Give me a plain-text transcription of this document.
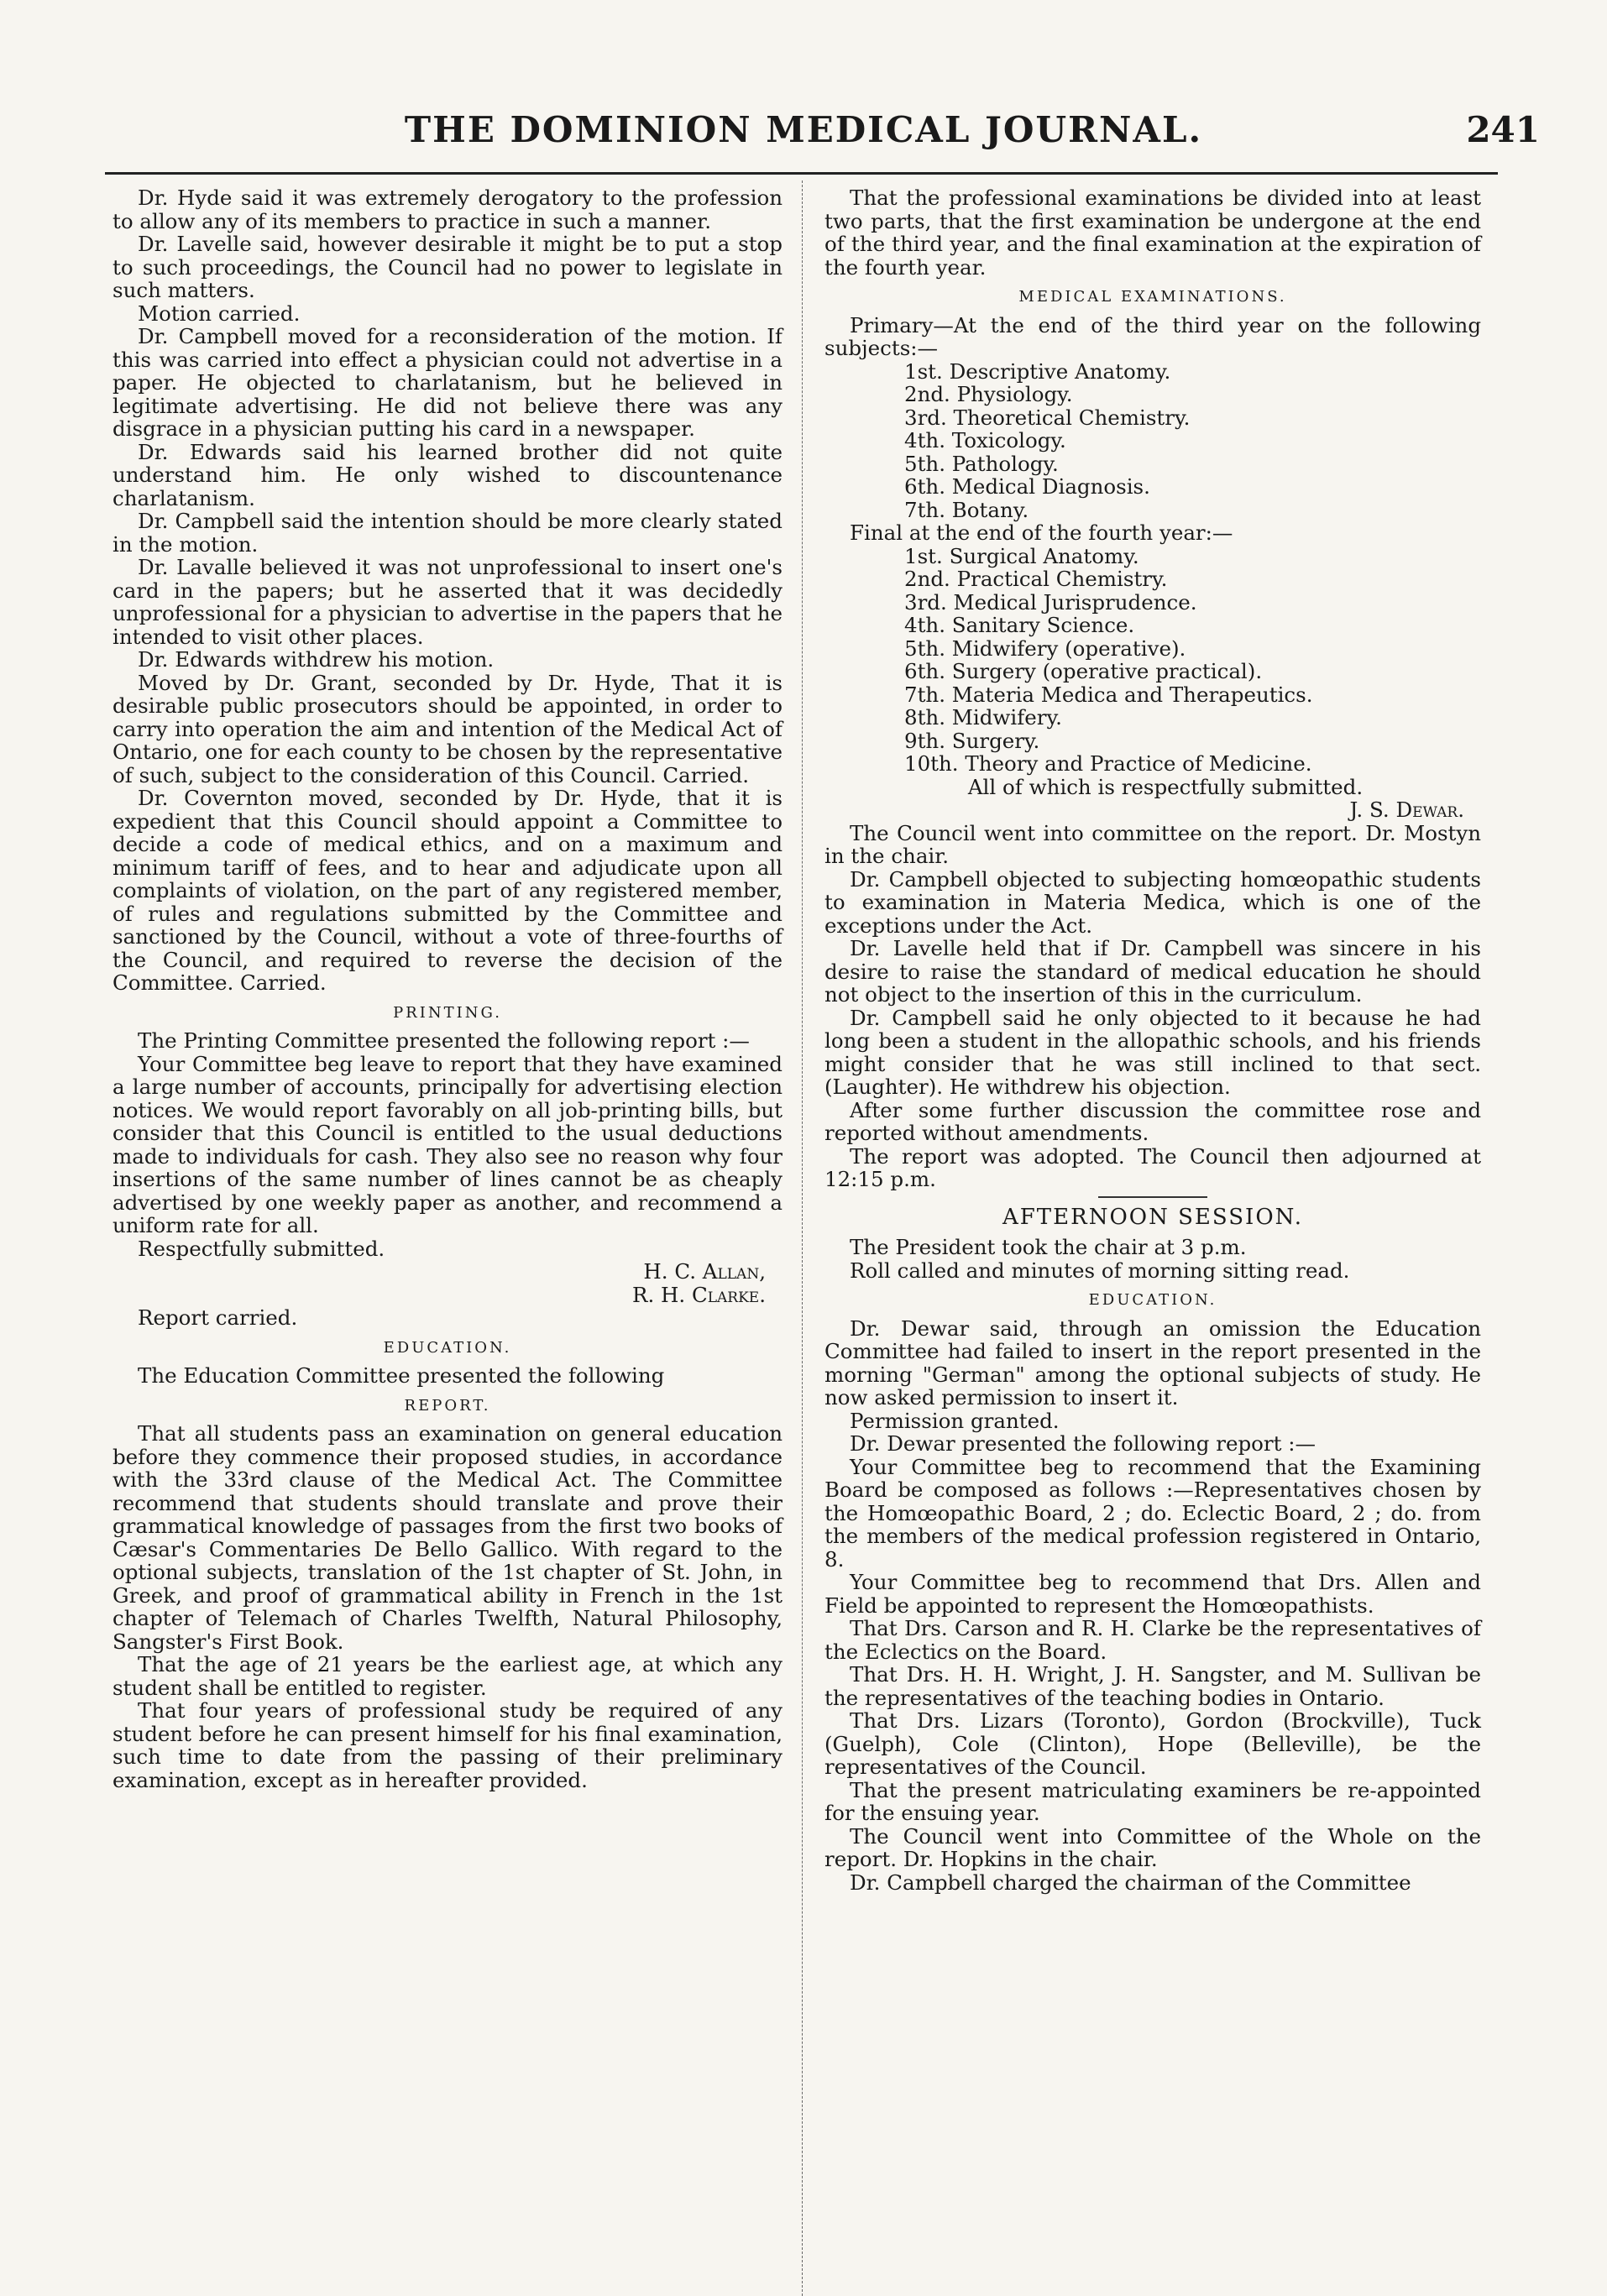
THE DOMINION MEDICAL JOURNAL.	241

Dr. Hyde said it was extremely derogatory to the profession to allow any of its members to practice in such a manner.

Dr. Lavelle said, however desirable it might be to put a stop to such proceedings, the Council had no power to legislate in such matters.

Motion carried.

Dr. Campbell moved for a reconsideration of the motion. If this was carried into effect a physician could not advertise in a paper. He objected to charlatanism, but he believed in legitimate advertising. He did not believe there was any disgrace in a physician putting his card in a newspaper.

Dr. Edwards said his learned brother did not quite understand him. He only wished to discountenance charlatanism.

Dr. Campbell said the intention should be more clearly stated in the motion.

Dr. Lavalle believed it was not unprofessional to insert one's card in the papers; but he asserted that it was decidedly unprofessional for a physician to advertise in the papers that he intended to visit other places.

Dr. Edwards withdrew his motion.

Moved by Dr. Grant, seconded by Dr. Hyde, That it is desirable public prosecutors should be appointed, in order to carry into operation the aim and intention of the Medical Act of Ontario, one for each county to be chosen by the representative of such, subject to the consideration of this Council. Carried.

Dr. Covernton moved, seconded by Dr. Hyde, that it is expedient that this Council should appoint a Committee to decide a code of medical ethics, and on a maximum and minimum tariff of fees, and to hear and adjudicate upon all complaints of violation, on the part of any registered member, of rules and regulations submitted by the Committee and sanctioned by the Council, without a vote of three-fourths of the Council, and required to reverse the decision of the Committee. Carried.

PRINTING.

The Printing Committee presented the following report :—

Your Committee beg leave to report that they have examined a large number of accounts, principally for advertising election notices. We would report favorably on all job-printing bills, but consider that this Council is entitled to the usual deductions made to individuals for cash. They also see no reason why four insertions of the same number of lines cannot be as cheaply advertised by one weekly paper as another, and recommend a uniform rate for all.

Respectfully submitted.

H. C. Allan,
R. H. Clarke.

Report carried.

EDUCATION.

The Education Committee presented the following

REPORT.

That all students pass an examination on general education before they commence their proposed studies, in accordance with the 33rd clause of the Medical Act. The Committee recommend that students should translate and prove their grammatical knowledge of passages from the first two books of Cæsar's Commentaries De Bello Gallico. With regard to the optional subjects, translation of the 1st chapter of St. John, in Greek, and proof of grammatical ability in French in the 1st chapter of Telemach of Charles Twelfth, Natural Philosophy, Sangster's First Book.

That the age of 21 years be the earliest age, at which any student shall be entitled to register.

That four years of professional study be required of any student before he can present himself for his final examination, such time to date from the passing of their preliminary examination, except as in hereafter provided.

That the professional examinations be divided into at least two parts, that the first examination be undergone at the end of the third year, and the final examination at the expiration of the fourth year.

MEDICAL EXAMINATIONS.

Primary—At the end of the third year on the following subjects:—

1st. Descriptive Anatomy.
2nd. Physiology.
3rd. Theoretical Chemistry.
4th. Toxicology.
5th. Pathology.
6th. Medical Diagnosis.
7th. Botany.

Final at the end of the fourth year:—

1st. Surgical Anatomy.
2nd. Practical Chemistry.
3rd. Medical Jurisprudence.
4th. Sanitary Science.
5th. Midwifery (operative).
6th. Surgery (operative practical).
7th. Materia Medica and Therapeutics.
8th. Midwifery.
9th. Surgery.
10th. Theory and Practice of Medicine.

All of which is respectfully submitted.

J. S. Dewar.

The Council went into committee on the report. Dr. Mostyn in the chair.

Dr. Campbell objected to subjecting homœopathic students to examination in Materia Medica, which is one of the exceptions under the Act.

Dr. Lavelle held that if Dr. Campbell was sincere in his desire to raise the standard of medical education he should not object to the insertion of this in the curriculum.

Dr. Campbell said he only objected to it because he had long been a student in the allopathic schools, and his friends might consider that he was still inclined to that sect. (Laughter). He withdrew his objection.

After some further discussion the committee rose and reported without amendments.

The report was adopted. The Council then adjourned at 12:15 p.m.

AFTERNOON SESSION.

The President took the chair at 3 p.m.

Roll called and minutes of morning sitting read.

EDUCATION.

Dr. Dewar said, through an omission the Education Committee had failed to insert in the report presented in the morning "German" among the optional subjects of study. He now asked permission to insert it.

Permission granted.

Dr. Dewar presented the following report :—

Your Committee beg to recommend that the Examining Board be composed as follows :—Representatives chosen by the Homœopathic Board, 2 ; do. Eclectic Board, 2 ; do. from the members of the medical profession registered in Ontario, 8.

Your Committee beg to recommend that Drs. Allen and Field be appointed to represent the Homœopathists.

That Drs. Carson and R. H. Clarke be the representatives of the Eclectics on the Board.

That Drs. H. H. Wright, J. H. Sangster, and M. Sullivan be the representatives of the teaching bodies in Ontario.

That Drs. Lizars (Toronto), Gordon (Brockville), Tuck (Guelph), Cole (Clinton), Hope (Belleville), be the representatives of the Council.

That the present matriculating examiners be re-appointed for the ensuing year.

The Council went into Committee of the Whole on the report. Dr. Hopkins in the chair.

Dr. Campbell charged the chairman of the Committee
